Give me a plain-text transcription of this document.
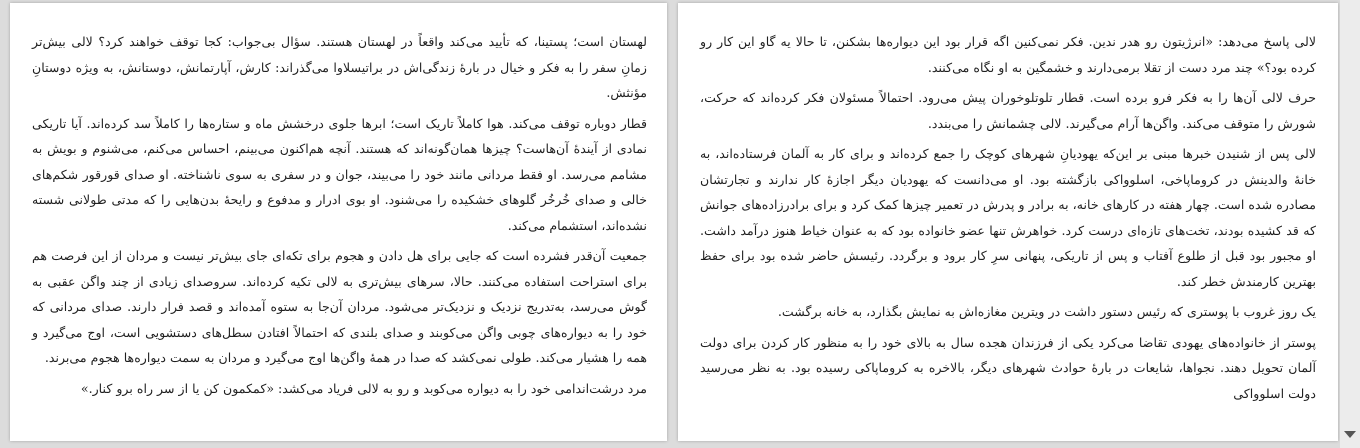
لهستان است؛ پستینا، که تأیید می‌کند واقعاً در لهستان هستند. سؤال بی‌جواب: کجا توقف خواهند کرد؟ لالی بیش‌تر زمانِ سفر را به فکر و خیال در بارهٔ زندگی‌اش در براتیسلاوا می‌گذراند: کارش، آپارتمانش، دوستانش، به ویژه دوستانِ مؤنثش.

قطار دوباره توقف می‌کند. هوا کاملاً تاریک است؛ ابرها جلوی درخشش ماه و ستاره‌ها را کاملاً سد کرده‌اند. آیا تاریکی نمادی از آیندهٔ آن‌هاست؟ چیزها همان‌گونه‌اند که هستند. آنچه هم‌اکنون می‌بینم، احساس می‌کنم، می‌شنوم و بویش به مشامم می‌رسد. او فقط مردانی مانند خود را می‌بیند، جوان و در سفری به سوی ناشناخته. او صدای قورقور شکم‌های خالی و صدای خُرخُر گلوهای خشکیده را می‌شنود. او بوی ادرار و مدفوع و رایحهٔ بدن‌هایی را که مدتی طولانی شسته نشده‌اند، استشمام می‌کند.

جمعیت آن‌قدر فشرده است که جایی برای هل دادن و هجوم برای تکه‌ای جای بیش‌تر نیست و مردان از این فرصت هم برای استراحت استفاده می‌کنند. حالا، سرهای بیش‌تری به لالی تکیه کرده‌اند. سروصدای زیادی از چند واگن عقبی به گوش می‌رسد، به‌تدریج نزدیک و نزدیک‌تر می‌شود. مردان آن‌جا به ستوه آمده‌اند و قصد فرار دارند. صدای مردانی که خود را به دیواره‌های چوبی واگن می‌کوبند و صدای بلندی که احتمالاً افتادن سطل‌های دستشویی است، اوج می‌گیرد و همه را هشیار می‌کند. طولی نمی‌کشد که صدا در همهٔ واگن‌ها اوج می‌گیرد و مردان به سمت دیواره‌ها هجوم می‌برند.

مرد درشت‌اندامی خود را به دیواره می‌کوبد و رو به لالی فریاد می‌کشد: «کمکمون کن یا از سر راه برو کنار.»

لالی پاسخ می‌دهد: «انرژیتون رو هدر ندین. فکر نمی‌کنین اگه قرار بود این دیواره‌ها بشکنن، تا حالا یه گاو این کار رو کرده بود؟» چند مرد دست از تقلا برمی‌دارند و خشمگین به او نگاه می‌کنند.

حرف لالی آن‌ها را به فکر فرو برده است. قطار تلوتلوخوران پیش می‌رود. احتمالاً مسئولان فکر کرده‌اند که حرکت، شورش را متوقف می‌کند. واگن‌ها آرام می‌گیرند. لالی چشمانش را می‌بندد.

لالی پس از شنیدن خبرها مبنی بر این‌که یهودیانِ شهرهای کوچک را جمع کرده‌اند و برای کار به آلمان فرستاده‌اند، به خانهٔ والدینش در کروماپاخی، اسلوواکی بازگشته بود. او می‌دانست که یهودیان دیگر اجازهٔ کار ندارند و تجارتشان مصادره شده است. چهار هفته در کارهای خانه، به برادر و پدرش در تعمیر چیزها کمک کرد و برای برادرزاده‌های جوانش که قد کشیده بودند، تخت‌های تازه‌ای درست کرد. خواهرش تنها عضو خانواده بود که به عنوان خیاط هنوز درآمد داشت. او مجبور بود قبل از طلوع آفتاب و پس از تاریکی، پنهانی سرِ کار برود و برگردد. رئیسش حاضر شده بود برای حفظ بهترین کارمندش خطر کند.

یک روز غروب با پوستری که رئیس دستور داشت در ویترین مغازه‌اش به نمایش بگذارد، به خانه برگشت.

پوستر از خانواده‌های یهودی تقاضا می‌کرد یکی از فرزندان هجده سال به بالای خود را به منظور کار کردن برای دولت آلمان تحویل دهند. نجواها، شایعات در بارهٔ حوادث شهرهای دیگر، بالاخره به کروماپاکی رسیده بود. به نظر می‌رسید دولت اسلوواکی
